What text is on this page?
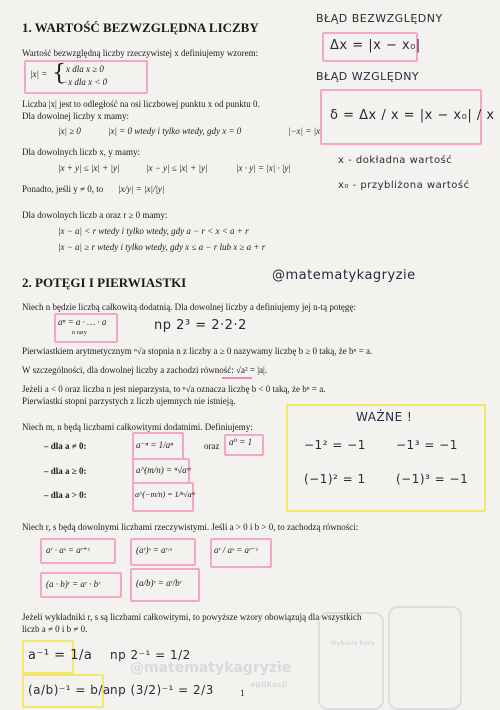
1. WARTOŚĆ BEZWZGLĘDNA LICZBY
Wartość bezwzględną liczby rzeczywistej x definiujemy wzorem:
|x| = { x dla x ≥ 0
−x dla x < 0
Liczba |x| jest to odległość na osi liczbowej punktu x od punktu 0.
Dla dowolnej liczby x mamy:
|x| ≥ 0	|x| = 0 wtedy i tylko wtedy, gdy x = 0	|−x| = |x|
Dla dowolnych liczb x, y mamy:
|x + y| ≤ |x| + |y|	|x − y| ≤ |x| + |y|	|x · y| = |x| · |y|
Ponadto, jeśli y ≠ 0, to |x/y| = |x|/|y|
Dla dowolnych liczb a oraz r ≥ 0 mamy:
|x − a| < r wtedy i tylko wtedy, gdy a − r < x < a + r
|x − a| ≥ r wtedy i tylko wtedy, gdy x ≤ a − r lub x ≥ a + r
BŁĄD BEZWZGLĘDNY
Δx = |x − x₀|
BŁĄD WZGLĘDNY
δ = Δx / x = |x − x₀| / x
x - dokładna wartość
x₀ - przybliżona wartość
2. POTĘGI I PIERWIASTKI	@matematykagryzie
Niech n będzie liczbą całkowitą dodatnią. Dla dowolnej liczby a definiujemy jej n-tą potęgę:
aⁿ = a · … · a
n razy	np 2³ = 2·2·2
Pierwiastkiem arytmetycznym ⁿ√a stopnia n z liczby a ≥ 0 nazywamy liczbę b ≥ 0 taką, że bⁿ = a.
W szczególności, dla dowolnej liczby a zachodzi równość: √a² = |a|.
Jeżeli a < 0 oraz liczba n jest nieparzysta, to ⁿ√a oznacza liczbę b < 0 taką, że bⁿ = a.
Pierwiastki stopni parzystych z liczb ujemnych nie istnieją.
Niech m, n będą liczbami całkowitymi dodatnimi. Definiujemy:
– dla a ≠ 0:	a⁻ⁿ = 1/aⁿ	oraz a⁰ = 1
– dla a ≥ 0:	a^(m/n) = ⁿ√aᵐ
– dla a > 0:	a^(−m/n) = 1/ⁿ√aᵐ
WAŻNE !
−1² = −1	−1³ = −1
(−1)² = 1	(−1)³ = −1
Niech r, s będą dowolnymi liczbami rzeczywistymi. Jeśli a > 0 i b > 0, to zachodzą równości:
aʳ · aˢ = aʳ⁺ˢ	(aʳ)ˢ = aʳ·ˢ	aʳ / aˢ = aʳ⁻ˢ
(a · b)ʳ = aʳ · bʳ	(a/b)ʳ = aʳ/bʳ
Jeżeli wykładniki r, s są liczbami całkowitymi, to powyższe wzory obowiązują dla wszystkich
liczb a ≠ 0 i b ≠ 0.
a⁻¹ = 1/a np 2⁻¹ = 1/2
(a/b)⁻¹ = b/a np (3/2)⁻¹ = 2/3	1
@matematykagryzie
aplikacji
Wybierz kurs
